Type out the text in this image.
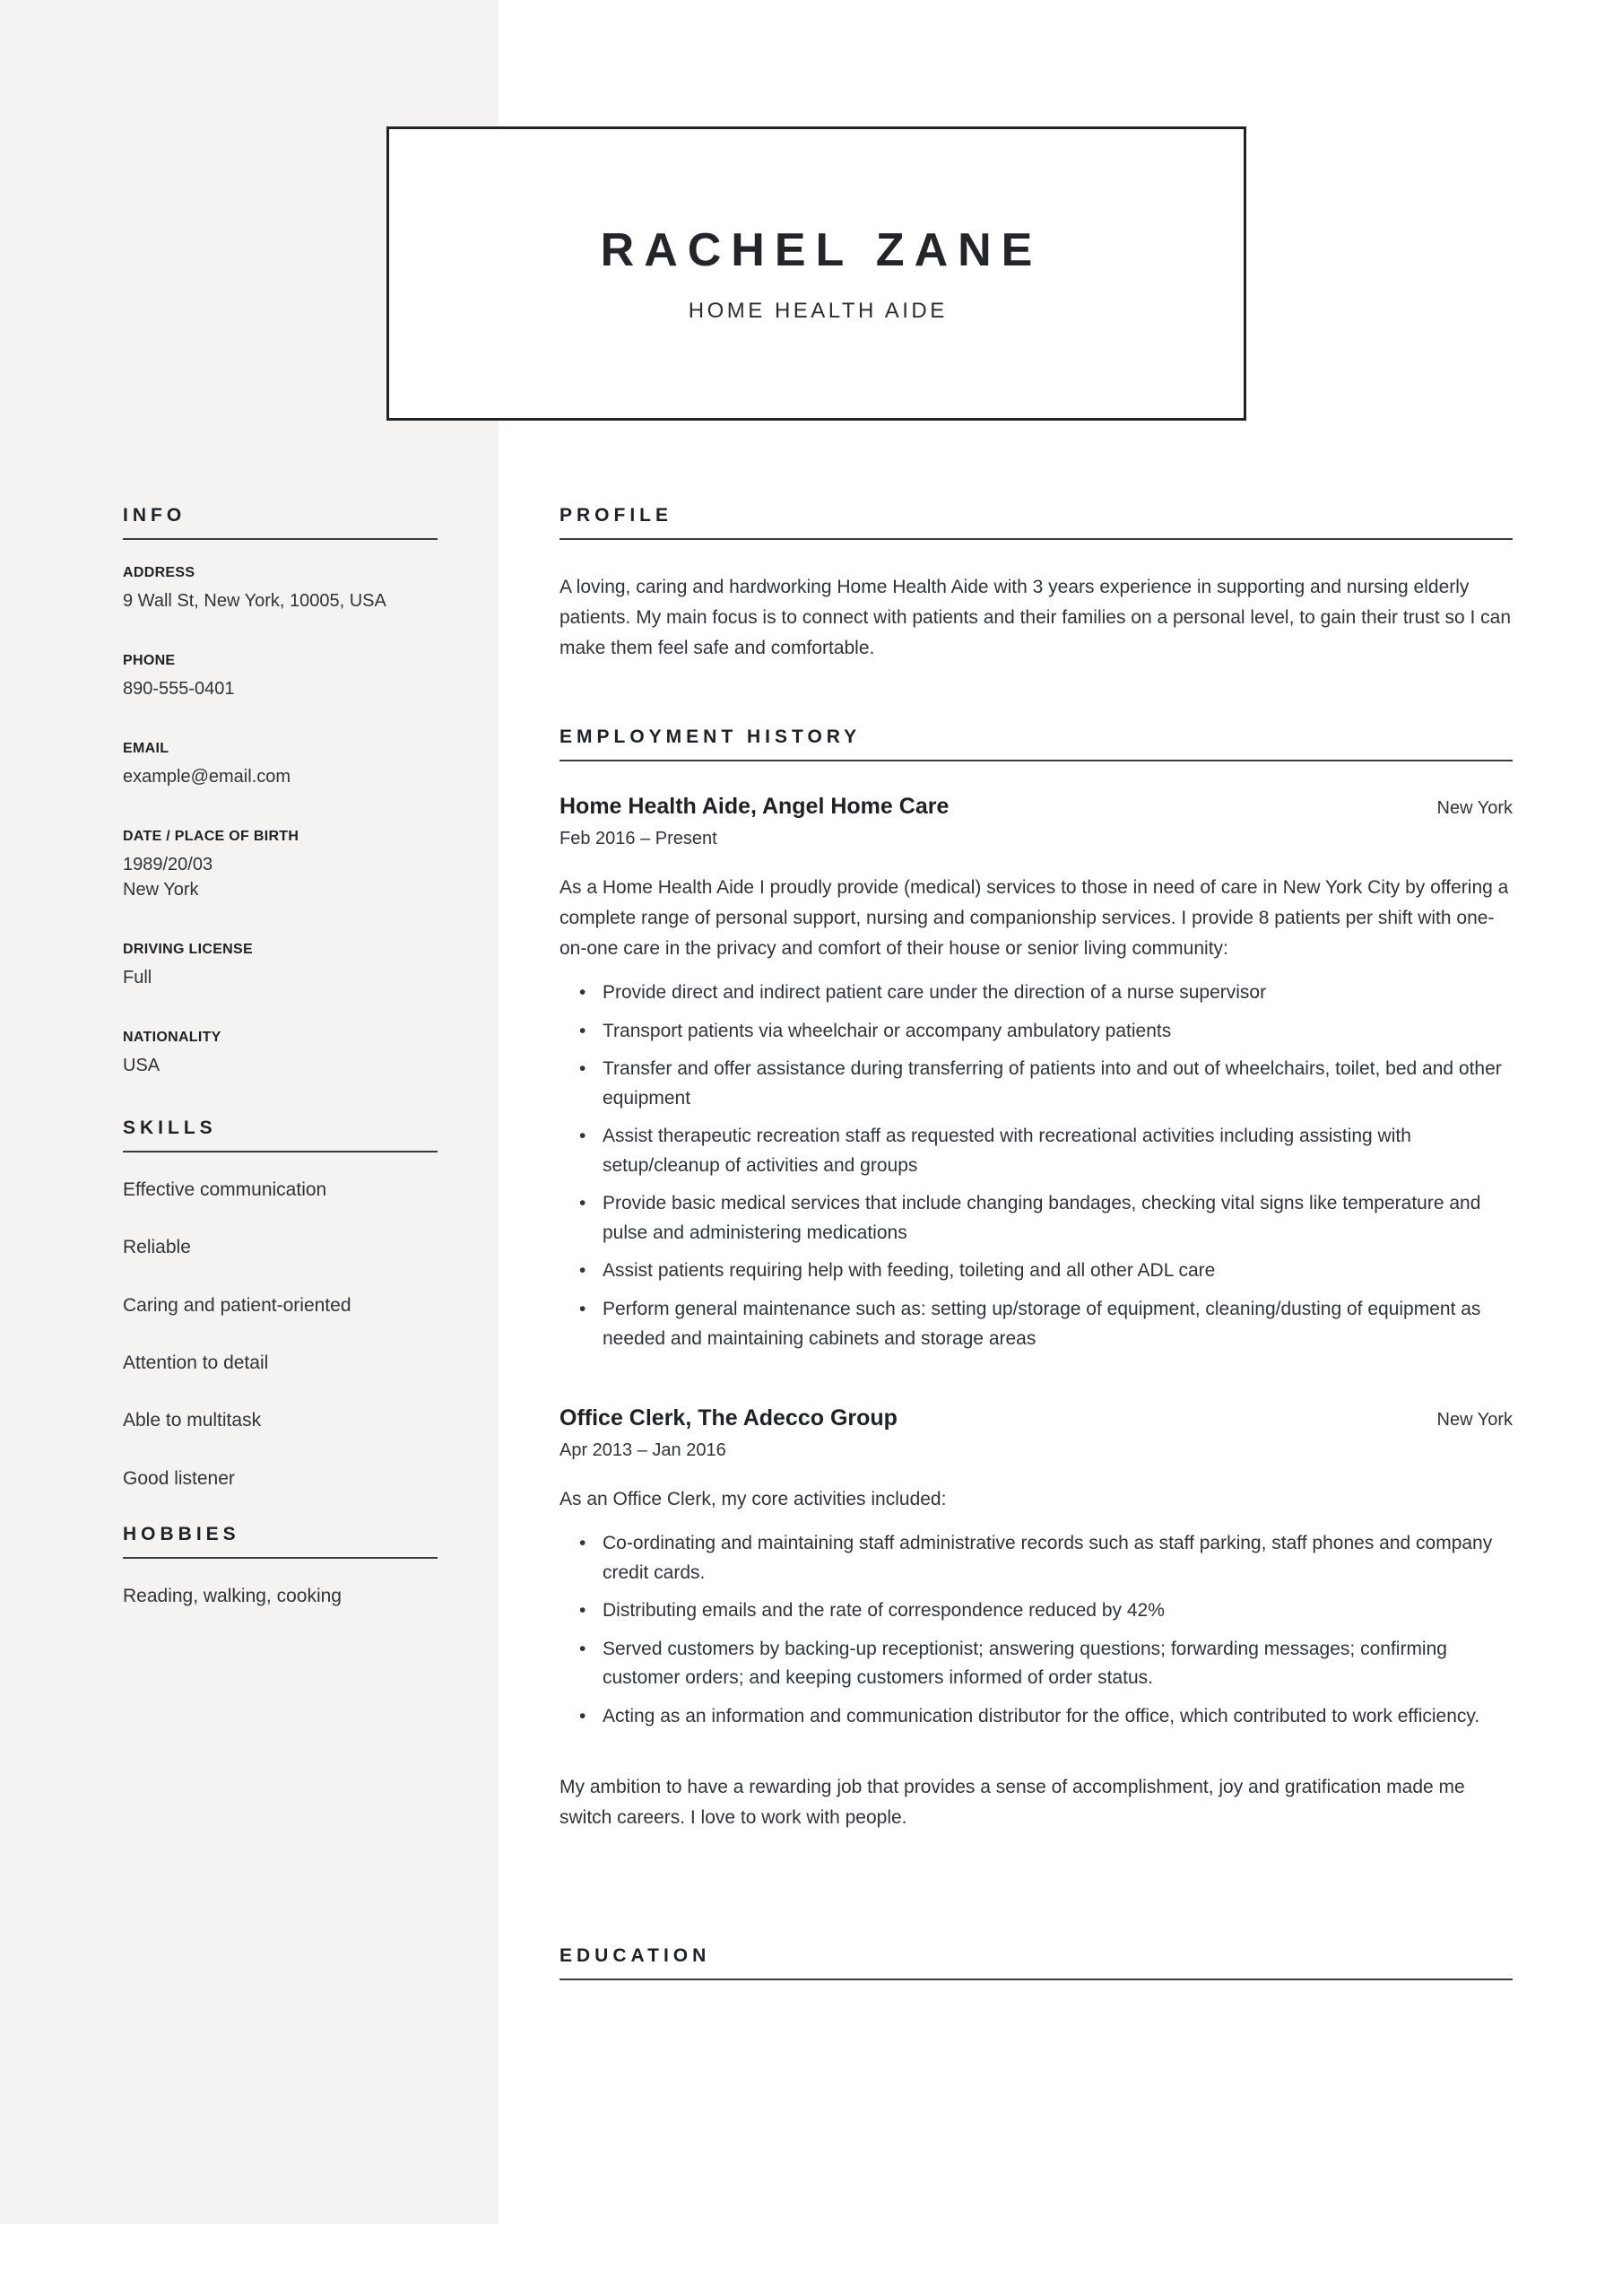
RACHEL ZANE
HOME HEALTH AIDE
INFO
ADDRESS
9 Wall St, New York, 10005, USA
PHONE
890-555-0401
EMAIL
example@email.com
DATE / PLACE OF BIRTH
1989/20/03
New York
DRIVING LICENSE
Full
NATIONALITY
USA
SKILLS
Effective communication
Reliable
Caring and patient-oriented
Attention to detail
Able to multitask
Good listener
HOBBIES
Reading, walking, cooking
PROFILE

A loving, caring and hardworking Home Health Aide with 3 years experience in supporting and nursing elderly patients. My main focus is to connect with patients and their families on a personal level, to gain their trust so I can make them feel safe and comfortable.

EMPLOYMENT HISTORY
Home Health Aide, Angel Home Care	New York
Feb 2016 – Present

As a Home Health Aide I proudly provide (medical) services to those in need of care in New York City by offering a complete range of personal support, nursing and companionship services. I provide 8 patients per shift with one-on-one care in the privacy and comfort of their house or senior living community:

• Provide direct and indirect patient care under the direction of a nurse supervisor
• Transport patients via wheelchair or accompany ambulatory patients
• Transfer and offer assistance during transferring of patients into and out of wheelchairs, toilet, bed and other equipment
• Assist therapeutic recreation staff as requested with recreational activities including assisting with setup/cleanup of activities and groups
• Provide basic medical services that include changing bandages, checking vital signs like temperature and pulse and administering medications
• Assist patients requiring help with feeding, toileting and all other ADL care
• Perform general maintenance such as: setting up/storage of equipment, cleaning/dusting of equipment as needed and maintaining cabinets and storage areas
Office Clerk, The Adecco Group	New York
Apr 2013 – Jan 2016

As an Office Clerk, my core activities included:

• Co-ordinating and maintaining staff administrative records such as staff parking, staff phones and company credit cards.
• Distributing emails and the rate of correspondence reduced by 42%
• Served customers by backing-up receptionist; answering questions; forwarding messages; confirming customer orders; and keeping customers informed of order status.
• Acting as an information and communication distributor for the office, which contributed to work efficiency.

My ambition to have a rewarding job that provides a sense of accomplishment, joy and gratification made me switch careers. I love to work with people.

EDUCATION
